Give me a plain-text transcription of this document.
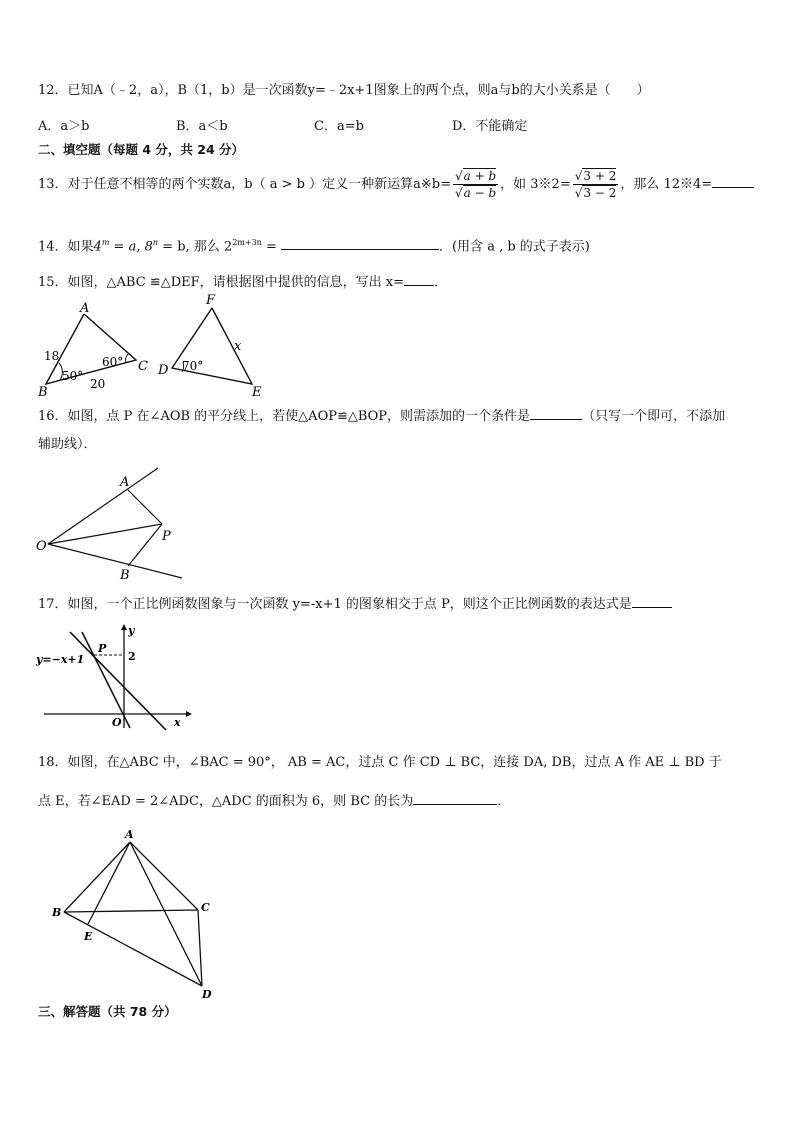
12．已知A（﹣2，a），B（1，b）是一次函数y=﹣2x+1图象上的两个点，则a与b的大小关系是（　　）
A．a＞b	B．a＜b	C．a=b	D．不能确定
二、填空题（每题 4 分，共 24 分）
13．对于任意不相等的两个实数a，b（ a > b ）定义一种新运算a※b= $\frac{√a + b}{√a - b}$ ，如 3※2= $\frac{√3 + 2}{√3 - 2}$ ，那么 12※4=
14．如果$4^m = a$, $8^n = b$, 那么 $2^{2m+3n}$ =	．(用含 a , b 的式子表示)
15．如图，△ABC ≌△DEF，请根据图中提供的信息，写出 x= ．
A
B
C
18
20
60°
50°
F
D
E
70°
x
16．如图，点 P 在∠AOB 的平分线上，若使△AOP≌△BOP，则需添加的一个条件是	（只写一个即可，不添加
辅助线）．
O
A
B
P
17．如图，一个正比例函数图象与一次函数 y=-x+1 的图象相交于点 P，则这个正比例函数的表达式是
y=−x+1
P
2
O	x
y
18．如图，在△ABC 中，∠BAC = 90°， AB = AC，过点 C 作 CD ⊥ BC，连接 DA, DB，过点 A 作 AE ⊥ BD 于
点 E，若∠EAD = 2∠ADC，△ADC 的面积为 6，则 BC 的长为	．
A
B	C
D
E
三、解答题（共 78 分）
